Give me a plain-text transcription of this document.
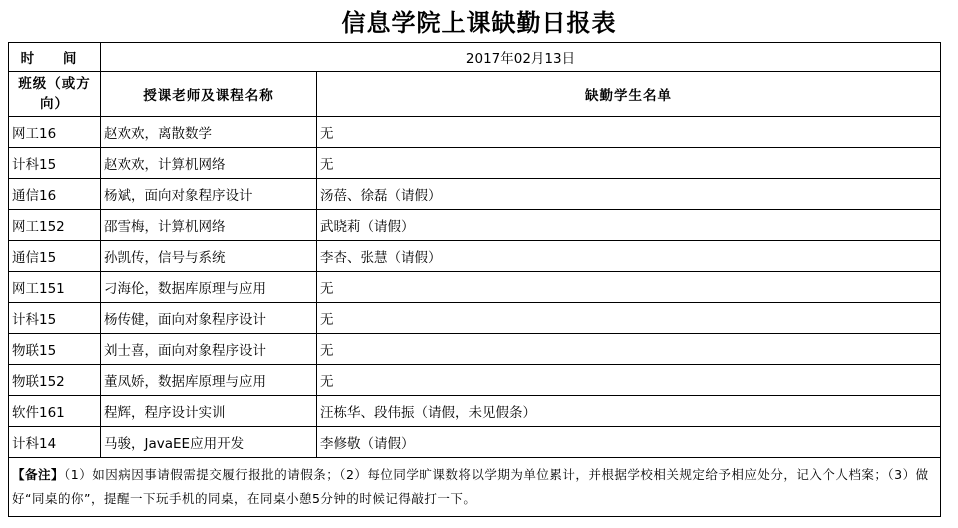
信息学院上课缺勤日报表
时 间	2017年02月13日	
班级（或方向）	授课老师及课程名称	缺勤学生名单
网工16	赵欢欢，离散数学	无
计科15	赵欢欢，计算机网络	无
通信16	杨斌，面向对象程序设计	汤蓓、徐磊（请假）
网工152	邵雪梅，计算机网络	武晓莉（请假）
通信15	孙凯传，信号与系统	李杏、张慧（请假）
网工151	刁海伦，数据库原理与应用	无
计科15	杨传健，面向对象程序设计	无
物联15	刘士喜，面向对象程序设计	无
物联152	董凤娇，数据库原理与应用	无
软件161	程辉，程序设计实训	汪栋华、段伟振（请假，未见假条）
计科14	马骏，JavaEE应用开发	李修敬（请假）
【备注】（1）如因病因事请假需提交履行报批的请假条；（2）每位同学旷课数将以学期为单位累计，并根据学校相关规定给予相应处分，记入个人档案；（3）做好“同桌的你”，提醒一下玩手机的同桌，在同桌小憩5分钟的时候记得敲打一下。		
